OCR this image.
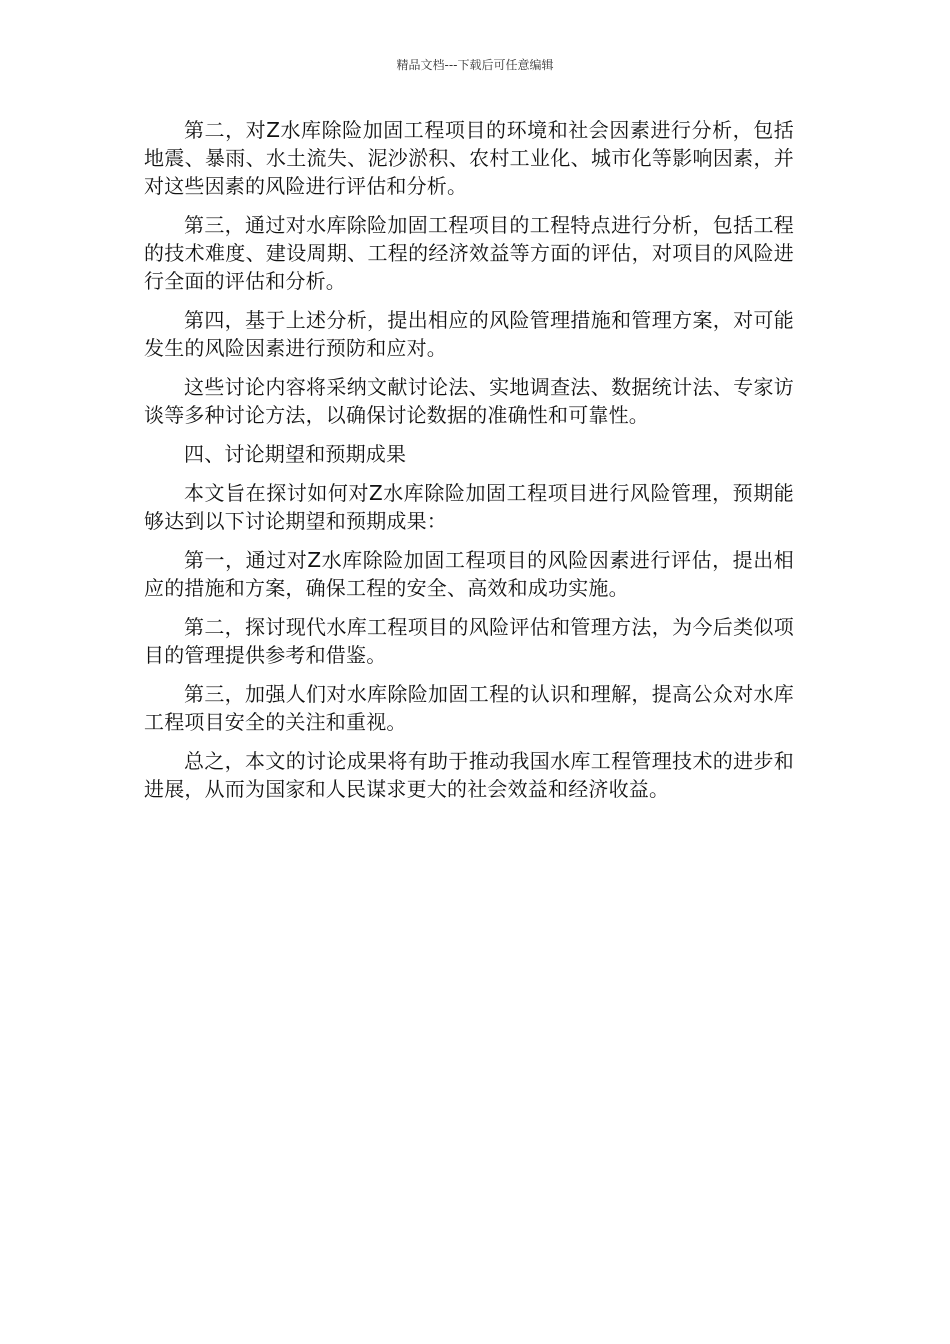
精品文档---下载后可任意编辑

第二，对Z水库除险加固工程项目的环境和社会因素进行分析，包括地震、暴雨、水土流失、泥沙淤积、农村工业化、城市化等影响因素，并对这些因素的风险进行评估和分析。

第三，通过对水库除险加固工程项目的工程特点进行分析，包括工程的技术难度、建设周期、工程的经济效益等方面的评估，对项目的风险进行全面的评估和分析。

第四，基于上述分析，提出相应的风险管理措施和管理方案，对可能发生的风险因素进行预防和应对。

这些讨论内容将采纳文献讨论法、实地调查法、数据统计法、专家访谈等多种讨论方法，以确保讨论数据的准确性和可靠性。

四、讨论期望和预期成果

本文旨在探讨如何对Z水库除险加固工程项目进行风险管理，预期能够达到以下讨论期望和预期成果：

第一，通过对Z水库除险加固工程项目的风险因素进行评估，提出相应的措施和方案，确保工程的安全、高效和成功实施。

第二，探讨现代水库工程项目的风险评估和管理方法，为今后类似项目的管理提供参考和借鉴。

第三，加强人们对水库除险加固工程的认识和理解，提高公众对水库工程项目安全的关注和重视。

总之，本文的讨论成果将有助于推动我国水库工程管理技术的进步和进展，从而为国家和人民谋求更大的社会效益和经济收益。
